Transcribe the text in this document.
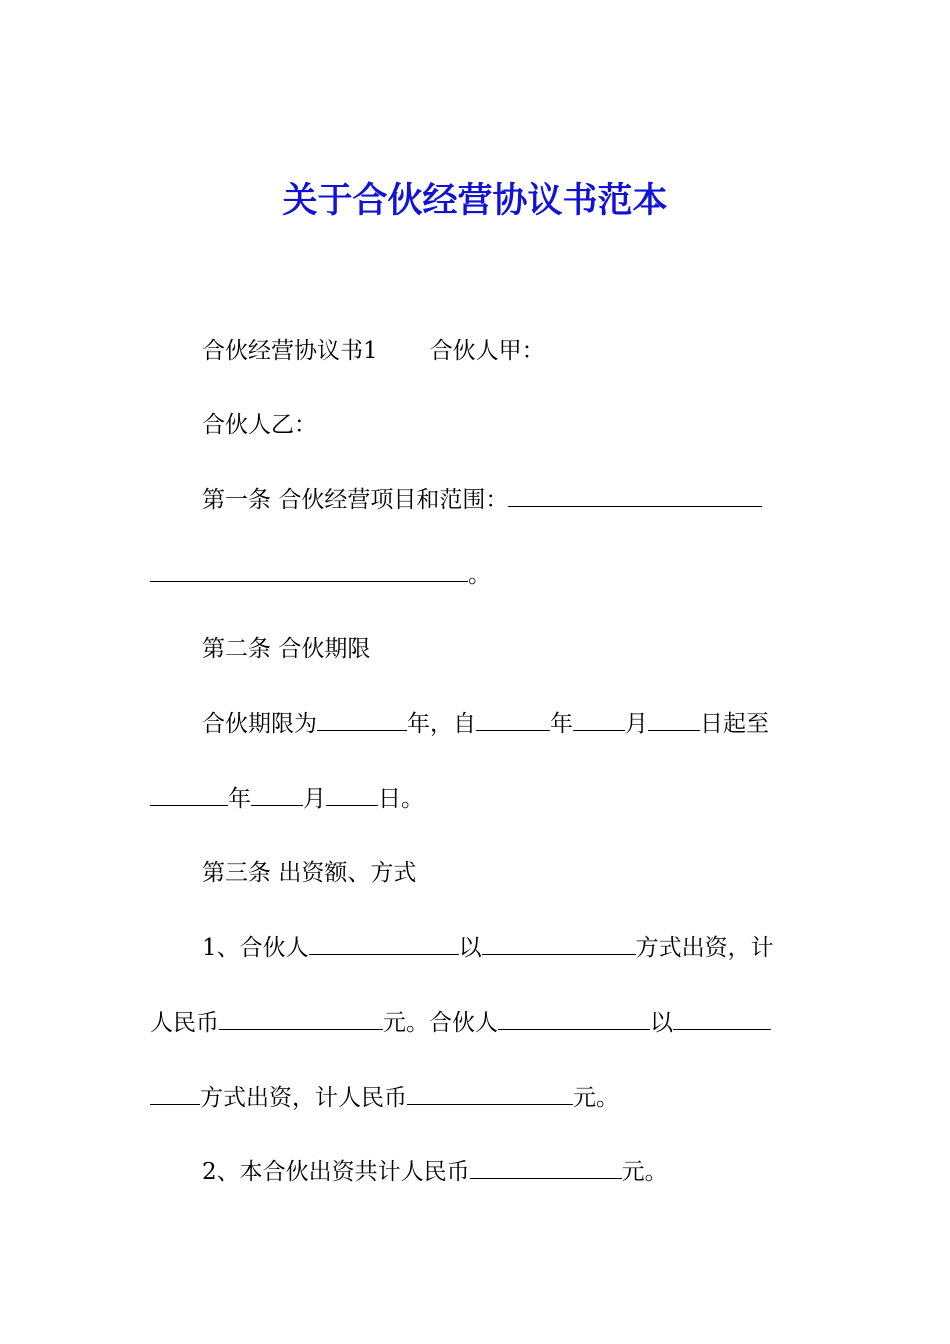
关于合伙经营协议书范本
合伙经营协议书1 合伙人甲：
合伙人乙：
第一条 合伙经营项目和范围：
。
第二条 合伙期限
合伙期限为	年，自	年 月 日起至
年 月 日。
第三条 出资额、方式
1、合伙人	以	方式出资，计
人民币	元。合伙人	以
方式出资，计人民币	元。
2、本合伙出资共计人民币	元。
